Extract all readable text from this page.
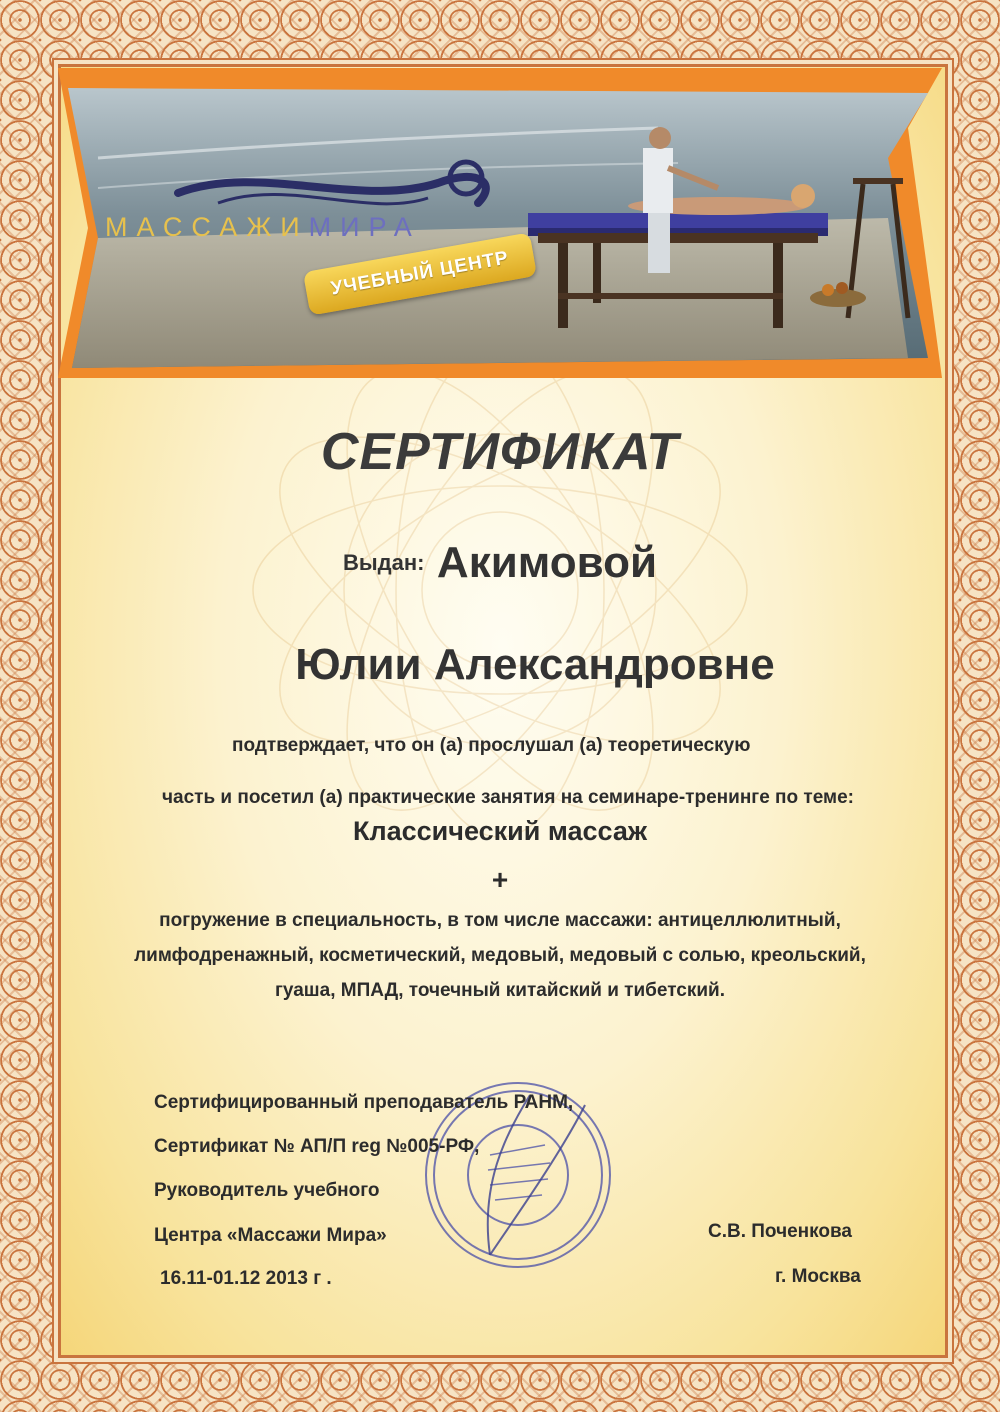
МАССАЖИМИРА
УЧЕБНЫЙ ЦЕНТР
СЕРТИФИКАТ
Выдан: Акимовой
Юлии Александровне
подтверждает, что он (а) прослушал (а) теоретическую
часть и посетил (а) практические занятия на семинаре-тренинге по теме:
Классический массаж
+
погружение в специальность, в том числе массажи: антицеллюлитный,
лимфодренажный, косметический, медовый, медовый с солью, креольский,
гуаша, МПАД, точечный китайский и тибетский.
Сертифицированный преподаватель РАНМ,
Сертификат № АП/П reg №005-РФ,
Руководитель учебного
Центра «Массажи Мира»	С.В. Поченкова
16.11-01.12 2013 г .	г. Москва
